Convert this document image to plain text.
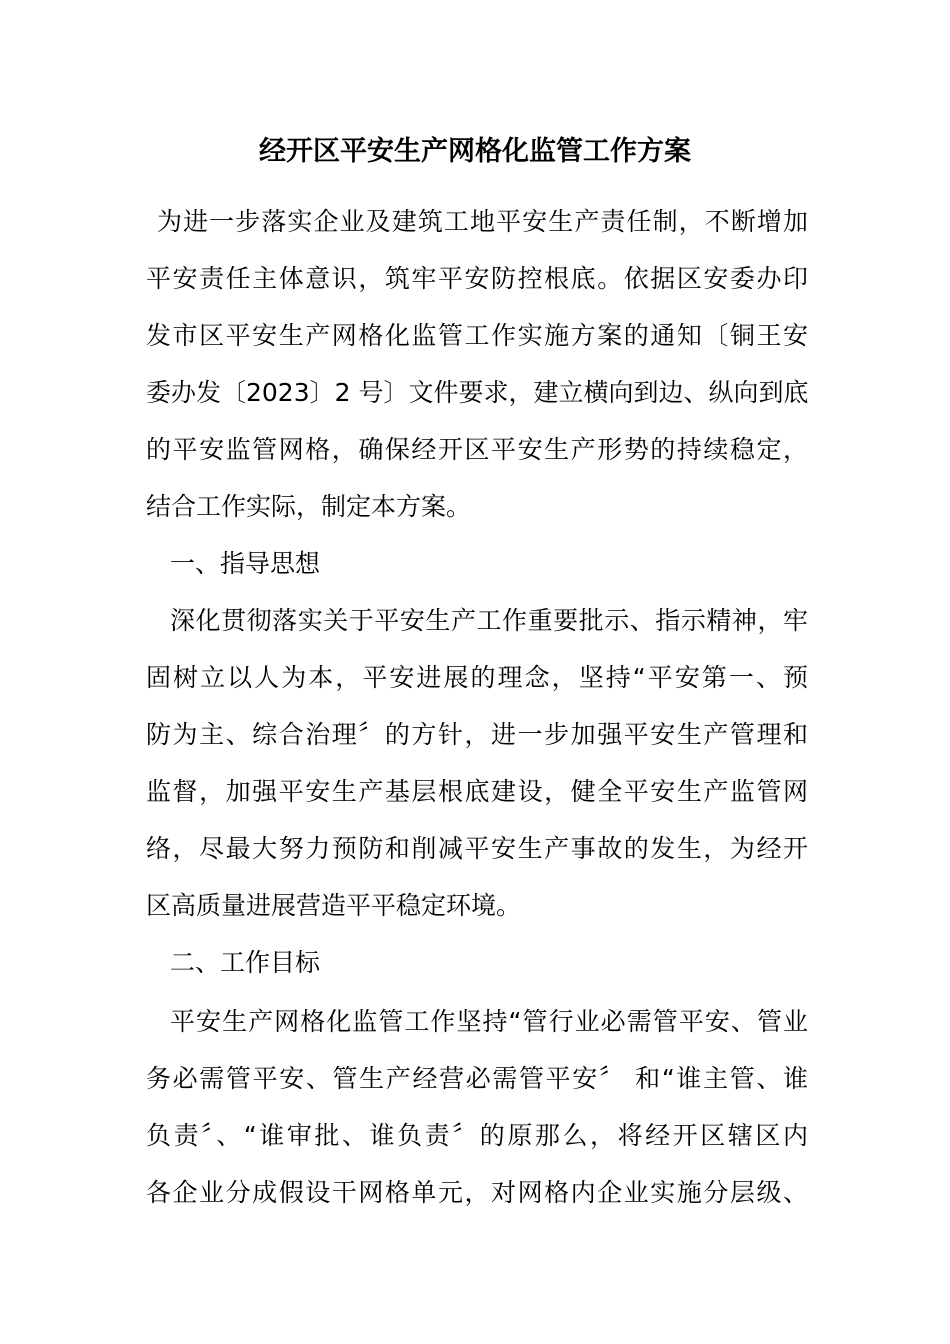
经开区平安生产网格化监管工作方案
为进一步落实企业及建筑工地平安生产责任制，不断增加
平安责任主体意识，筑牢平安防控根底。依据区安委办印
发市区平安生产网格化监管工作实施方案的通知〔铜王安
委办发〔2023〕2 号〕文件要求，建立横向到边、纵向到底
的平安监管网格，确保经开区平安生产形势的持续稳定，
结合工作实际，制定本方案。
一、指导思想
深化贯彻落实关于平安生产工作重要批示、指示精神，牢
固树立以人为本，平安进展的理念，坚持“平安第一、预
防为主、综合治理〞的方针，进一步加强平安生产管理和
监督，加强平安生产基层根底建设，健全平安生产监管网
络，尽最大努力预防和削减平安生产事故的发生，为经开
区高质量进展营造平平稳定环境。
二、工作目标
平安生产网格化监管工作坚持“管行业必需管平安、管业
务必需管平安、管生产经营必需管平安〞 和“谁主管、谁
负责〞、“谁审批、谁负责〞的原那么，将经开区辖区内
各企业分成假设干网格单元，对网格内企业实施分层级、
